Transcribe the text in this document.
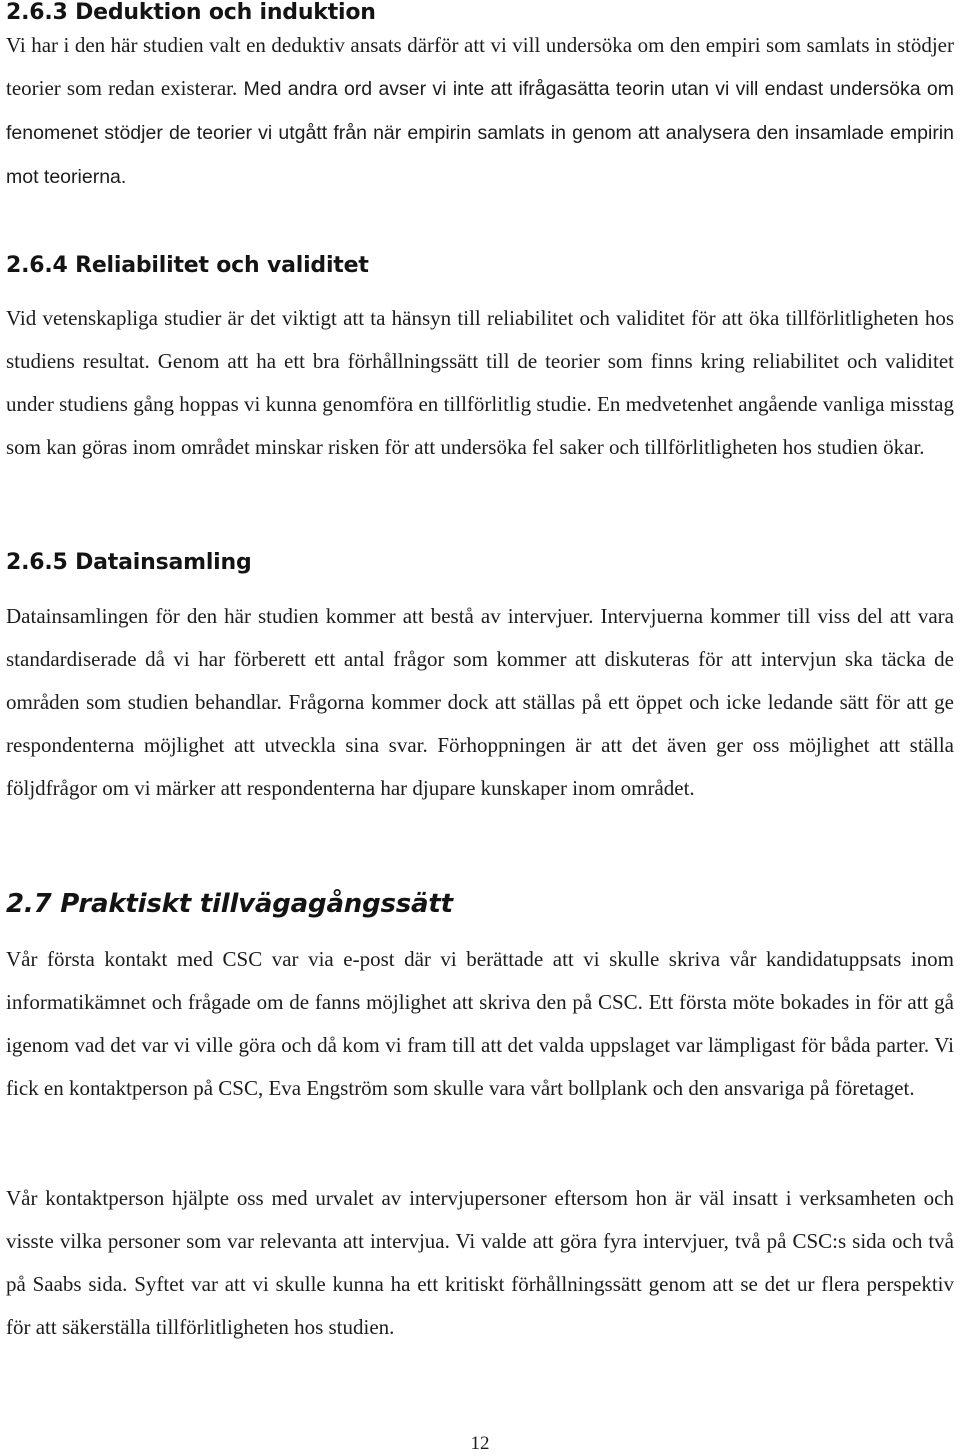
2.6.3 Deduktion och induktion

Vi har i den här studien valt en deduktiv ansats därför att vi vill undersöka om den empiri som samlats in stödjer teorier som redan existerar. Med andra ord avser vi inte att ifrågasätta teorin utan vi vill endast undersöka om fenomenet stödjer de teorier vi utgått från när empirin samlats in genom att analysera den insamlade empirin mot teorierna.

2.6.4 Reliabilitet och validitet

Vid vetenskapliga studier är det viktigt att ta hänsyn till reliabilitet och validitet för att öka tillförlitligheten hos studiens resultat. Genom att ha ett bra förhållningssätt till de teorier som finns kring reliabilitet och validitet under studiens gång hoppas vi kunna genomföra en tillförlitlig studie. En medvetenhet angående vanliga misstag som kan göras inom området minskar risken för att undersöka fel saker och tillförlitligheten hos studien ökar.

2.6.5 Datainsamling

Datainsamlingen för den här studien kommer att bestå av intervjuer. Intervjuerna kommer till viss del att vara standardiserade då vi har förberett ett antal frågor som kommer att diskuteras för att intervjun ska täcka de områden som studien behandlar. Frågorna kommer dock att ställas på ett öppet och icke ledande sätt för att ge respondenterna möjlighet att utveckla sina svar. Förhoppningen är att det även ger oss möjlighet att ställa följdfrågor om vi märker att respondenterna har djupare kunskaper inom området.

2.7 Praktiskt tillvägagångssätt

Vår första kontakt med CSC var via e-post där vi berättade att vi skulle skriva vår kandidatuppsats inom informatikämnet och frågade om de fanns möjlighet att skriva den på CSC. Ett första möte bokades in för att gå igenom vad det var vi ville göra och då kom vi fram till att det valda uppslaget var lämpligast för båda parter. Vi fick en kontaktperson på CSC, Eva Engström som skulle vara vårt bollplank och den ansvariga på företaget.

Vår kontaktperson hjälpte oss med urvalet av intervjupersoner eftersom hon är väl insatt i verksamheten och visste vilka personer som var relevanta att intervjua. Vi valde att göra fyra intervjuer, två på CSC:s sida och två på Saabs sida. Syftet var att vi skulle kunna ha ett kritiskt förhållningssätt genom att se det ur flera perspektiv för att säkerställa tillförlitligheten hos studien.

12
